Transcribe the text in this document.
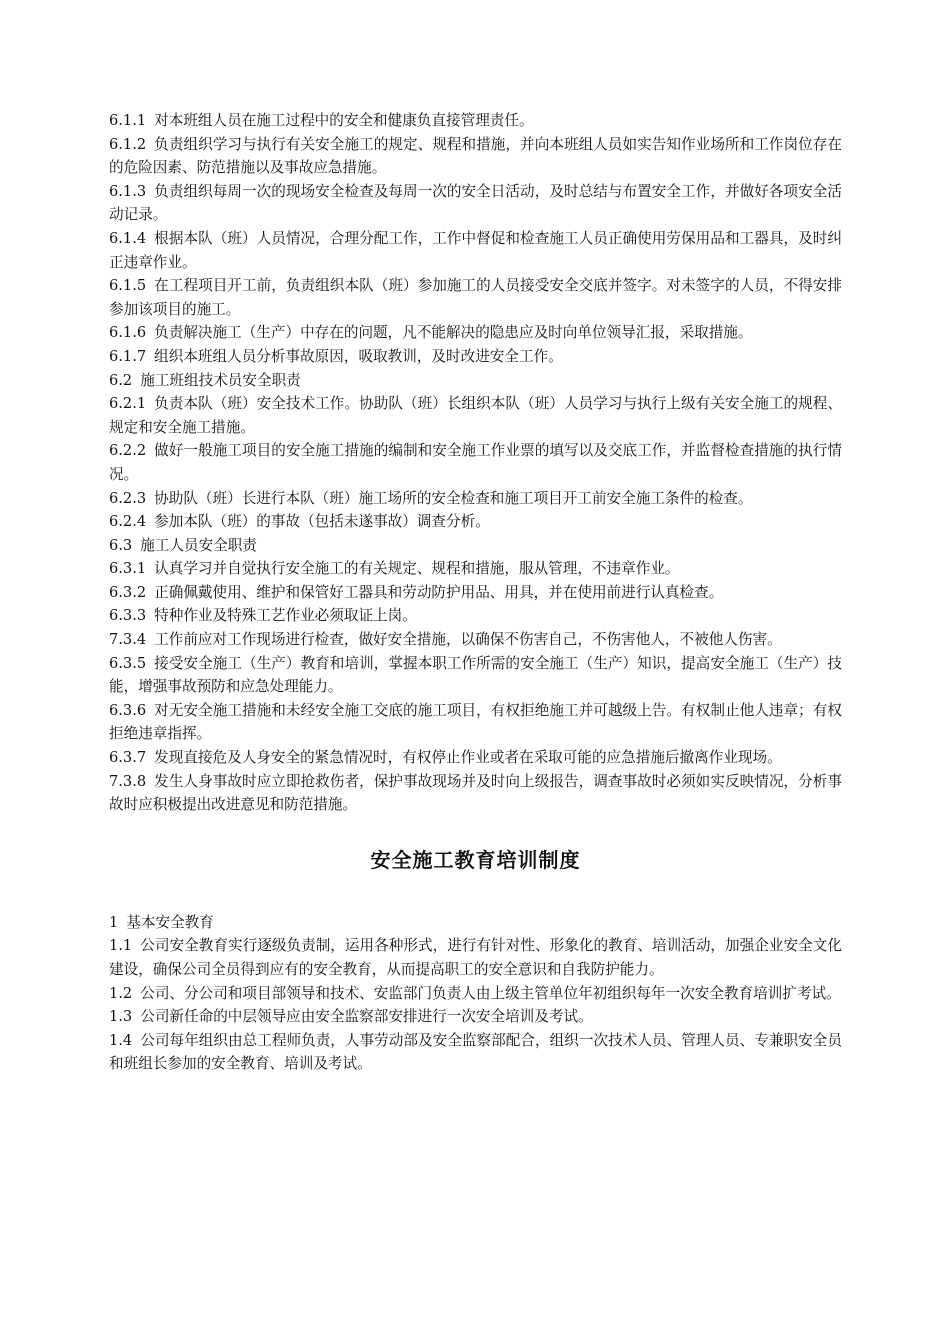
6.1.1 对本班组人员在施工过程中的安全和健康负直接管理责任。

6.1.2 负责组织学习与执行有关安全施工的规定、规程和措施，并向本班组人员如实告知作业场所和工作岗位存在的危险因素、防范措施以及事故应急措施。

6.1.3 负责组织每周一次的现场安全检查及每周一次的安全日活动，及时总结与布置安全工作，并做好各项安全活动记录。

6.1.4 根据本队（班）人员情况，合理分配工作，工作中督促和检查施工人员正确使用劳保用品和工器具，及时纠正违章作业。

6.1.5 在工程项目开工前，负责组织本队（班）参加施工的人员接受安全交底并签字。对未签字的人员，不得安排参加该项目的施工。

6.1.6 负责解决施工（生产）中存在的问题，凡不能解决的隐患应及时向单位领导汇报，采取措施。

6.1.7 组织本班组人员分析事故原因，吸取教训，及时改进安全工作。

6.2 施工班组技术员安全职责

6.2.1 负责本队（班）安全技术工作。协助队（班）长组织本队（班）人员学习与执行上级有关安全施工的规程、规定和安全施工措施。

6.2.2 做好一般施工项目的安全施工措施的编制和安全施工作业票的填写以及交底工作，并监督检查措施的执行情况。

6.2.3 协助队（班）长进行本队（班）施工场所的安全检查和施工项目开工前安全施工条件的检查。

6.2.4 参加本队（班）的事故（包括未遂事故）调查分析。

6.3 施工人员安全职责

6.3.1 认真学习并自觉执行安全施工的有关规定、规程和措施，服从管理，不违章作业。

6.3.2 正确佩戴使用、维护和保管好工器具和劳动防护用品、用具，并在使用前进行认真检查。

6.3.3 特种作业及特殊工艺作业必须取证上岗。

7.3.4 工作前应对工作现场进行检查，做好安全措施，以确保不伤害自己，不伤害他人，不被他人伤害。

6.3.5 接受安全施工（生产）教育和培训，掌握本职工作所需的安全施工（生产）知识，提高安全施工（生产）技能，增强事故预防和应急处理能力。

6.3.6 对无安全施工措施和未经安全施工交底的施工项目，有权拒绝施工并可越级上告。有权制止他人违章；有权拒绝违章指挥。

6.3.7 发现直接危及人身安全的紧急情况时，有权停止作业或者在采取可能的应急措施后撤离作业现场。

7.3.8 发生人身事故时应立即抢救伤者，保护事故现场并及时向上级报告，调查事故时必须如实反映情况，分析事故时应积极提出改进意见和防范措施。

安全施工教育培训制度

1 基本安全教育

1.1 公司安全教育实行逐级负责制，运用各种形式，进行有针对性、形象化的教育、培训活动，加强企业安全文化建设，确保公司全员得到应有的安全教育，从而提高职工的安全意识和自我防护能力。

1.2 公司、分公司和项目部领导和技术、安监部门负责人由上级主管单位年初组织每年一次安全教育培训扩考试。

1.3 公司新任命的中层领导应由安全监察部安排进行一次安全培训及考试。

1.4 公司每年组织由总工程师负责，人事劳动部及安全监察部配合，组织一次技术人员、管理人员、专兼职安全员和班组长参加的安全教育、培训及考试。
